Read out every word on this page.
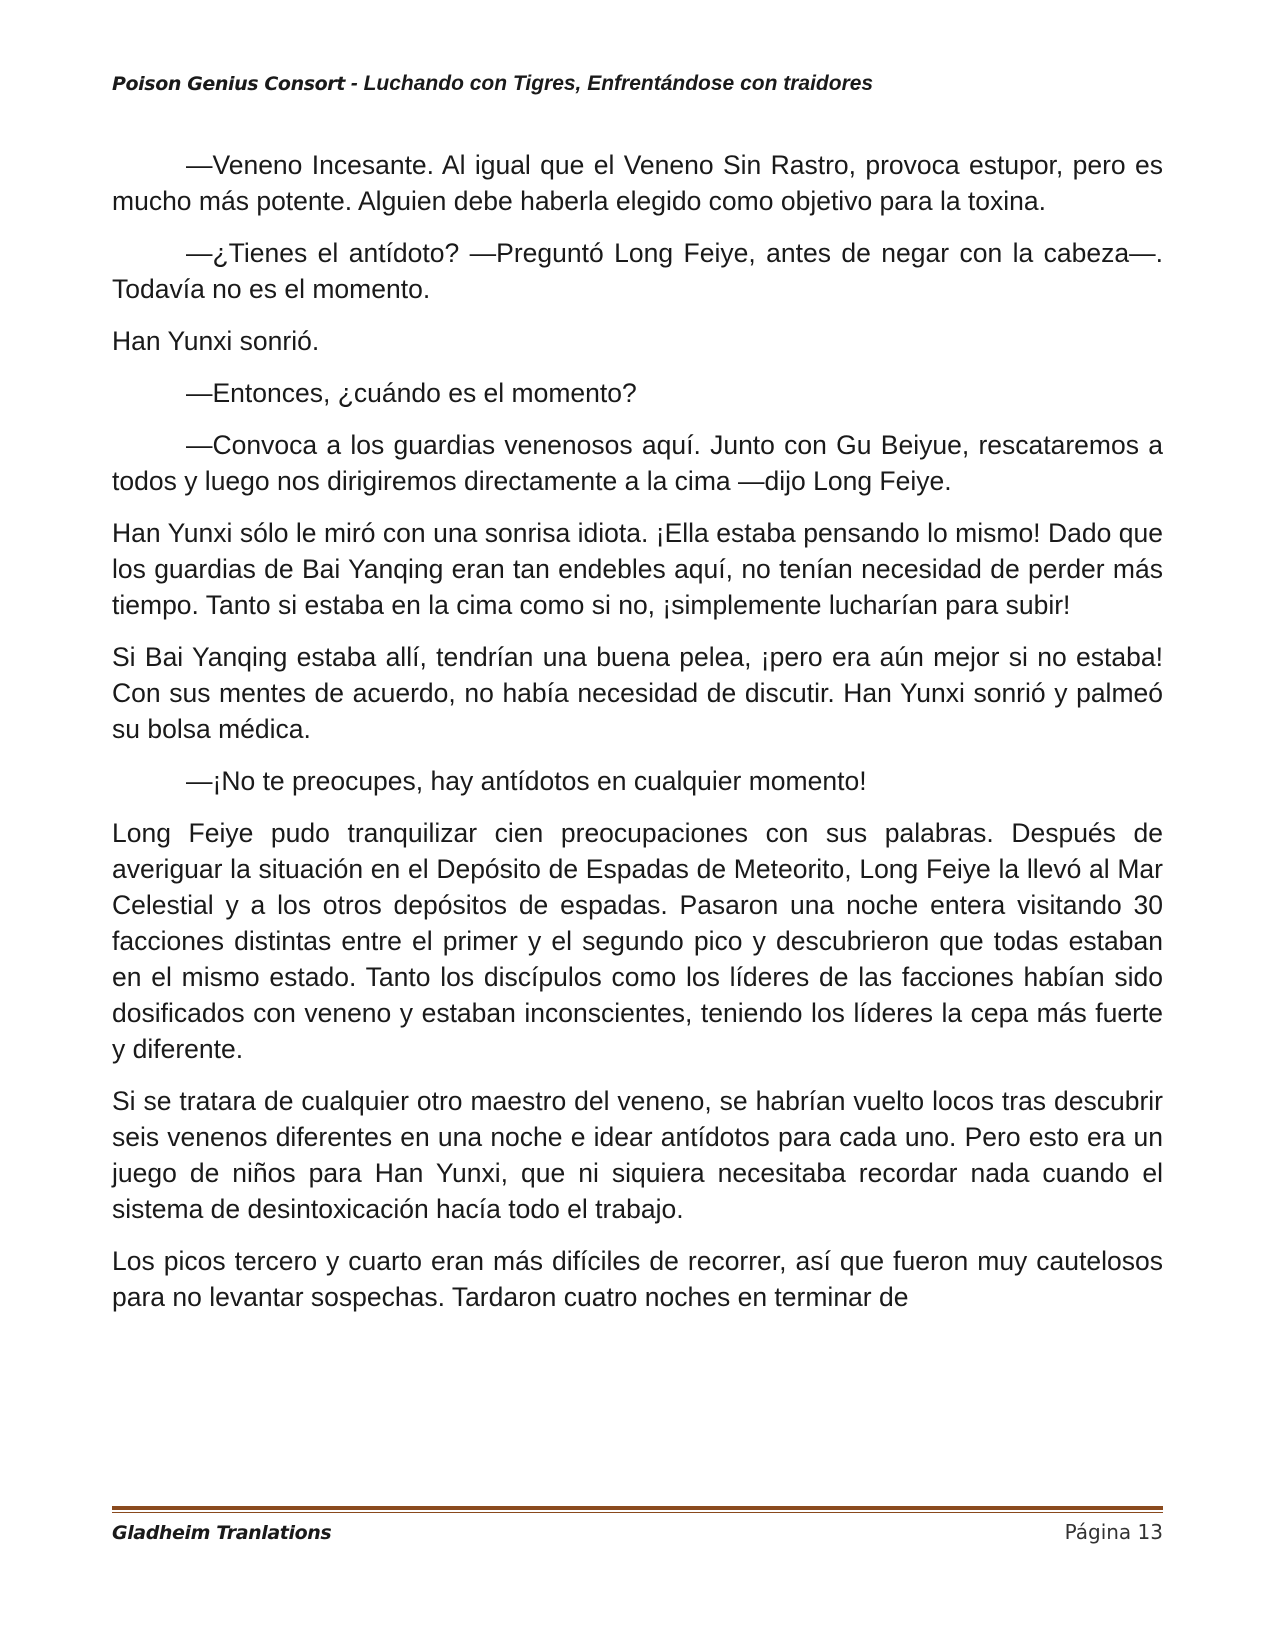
Poison Genius Consort - Luchando con Tigres, Enfrentándose con traidores

—Veneno Incesante. Al igual que el Veneno Sin Rastro, provoca estupor, pero es mucho más potente. Alguien debe haberla elegido como objetivo para la toxina.

—¿Tienes el antídoto? —Preguntó Long Feiye, antes de negar con la cabeza—. Todavía no es el momento.

Han Yunxi sonrió.

—Entonces, ¿cuándo es el momento?

—Convoca a los guardias venenosos aquí. Junto con Gu Beiyue, rescataremos a todos y luego nos dirigiremos directamente a la cima —dijo Long Feiye.

Han Yunxi sólo le miró con una sonrisa idiota. ¡Ella estaba pensando lo mismo! Dado que los guardias de Bai Yanqing eran tan endebles aquí, no tenían necesidad de perder más tiempo. Tanto si estaba en la cima como si no, ¡simplemente lucharían para subir!

Si Bai Yanqing estaba allí, tendrían una buena pelea, ¡pero era aún mejor si no estaba! Con sus mentes de acuerdo, no había necesidad de discutir. Han Yunxi sonrió y palmeó su bolsa médica.

—¡No te preocupes, hay antídotos en cualquier momento!

Long Feiye pudo tranquilizar cien preocupaciones con sus palabras. Después de averiguar la situación en el Depósito de Espadas de Meteorito, Long Feiye la llevó al Mar Celestial y a los otros depósitos de espadas. Pasaron una noche entera visitando 30 facciones distintas entre el primer y el segundo pico y descubrieron que todas estaban en el mismo estado. Tanto los discípulos como los líderes de las facciones habían sido dosificados con veneno y estaban inconscientes, teniendo los líderes la cepa más fuerte y diferente.

Si se tratara de cualquier otro maestro del veneno, se habrían vuelto locos tras descubrir seis venenos diferentes en una noche e idear antídotos para cada uno. Pero esto era un juego de niños para Han Yunxi, que ni siquiera necesitaba recordar nada cuando el sistema de desintoxicación hacía todo el trabajo.

Los picos tercero y cuarto eran más difíciles de recorrer, así que fueron muy cautelosos para no levantar sospechas. Tardaron cuatro noches en terminar de

Gladheim Tranlations	Página 13
